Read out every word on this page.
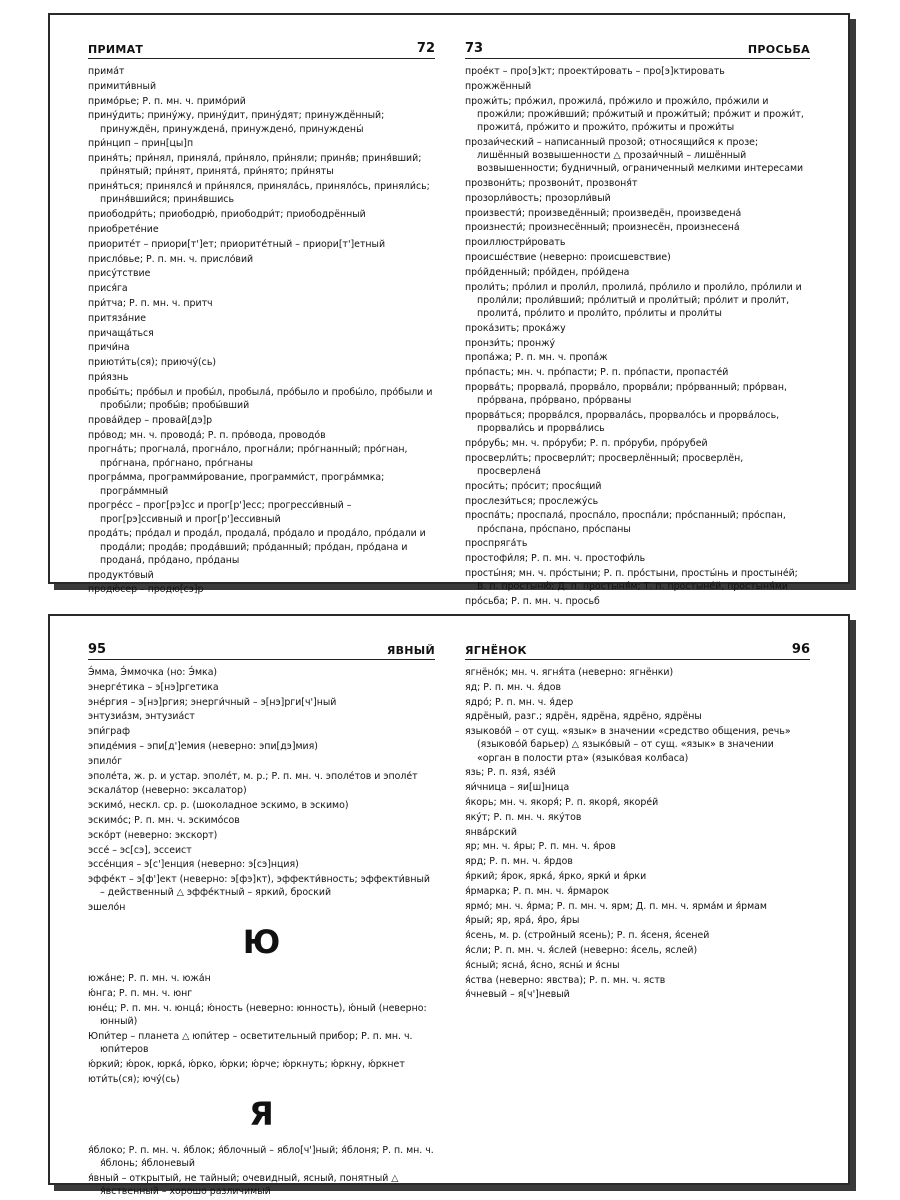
ПРИМАТ	72
прима́т
примити́вный
примо́рье; Р. п. мн. ч. примо́рий
прину́дить; прину́жу, прину́дит, прину́дят; принуждённый; принуждён, принуждена́, принуждено́, принуждены́
при́нцип – прин[цы]п
приня́ть; при́нял, приняла́, при́няло, при́няли; приня́в; приня́вший; при́нятый; при́нят, принята́, при́нято; при́няты
приня́ться; принялся́ и при́нялся, приняла́сь, приняло́сь, приняли́сь; приня́вшийся; приня́вшись
приободри́ть; приободрю́, приободри́т; приободрённый
приобрете́ние
приорите́т – приори[т']ет; приорите́тный – приори[т']етный
присло́вье; Р. п. мн. ч. присло́вий
прису́тствие
прися́га
при́тча; Р. п. мн. ч. притч
притяза́ние
причаща́ться
причи́на
приюти́ть(ся); приючу́(сь)
при́язнь
пробы́ть; про́был и пробы́л, пробыла́, про́было и пробы́ло, про́были и пробы́ли; пробы́в; пробы́вший
прова́йдер – провай[дэ]р
про́вод; мн. ч. провода́; Р. п. про́вода, проводо́в
прогна́ть; прогнала́, прогна́ло, прогна́ли; про́гнанный; про́гнан, про́гнана, про́гнано, про́гнаны
програ́мма, программи́рование, программи́ст, програ́ммка; програ́ммный
прогре́сс – прог[рэ]сс и прог[р']есс; прогресси́вный – прог[рэ]ссивный и прог[р']ессивный
прода́ть; про́дал и прода́л, продала́, про́дало и прода́ло, про́дали и прода́ли; прода́в; прода́вший; про́данный; про́дан, про́дана и продана́, про́дано, про́даны
продукто́вый
продю́сер – продю[сэ]р
73	ПРОСЬБА
прое́кт – про[э]кт; проекти́ровать – про[э]ктировать
прожжённый
прожи́ть; про́жил, прожила́, про́жило и прожи́ло, про́жили и прожи́ли; прожи́вший; про́житый и прожи́тый; про́жит и прожи́т, прожита́, про́жито и прожи́то, про́житы и прожи́ты
прозаи́ческий – написанный прозой; относящийся к прозе; лишённый возвышенности △ прозаи́чный – лишённый возвышенности; будничный, ограниченный мелкими интересами
прозвони́ть; прозвони́т, прозвоня́т
прозорли́вость; прозорли́вый
произвести́; произведённый; произведён, произведена́
произнести́; произнесённый; произнесён, произнесена́
проиллюстри́ровать
происше́ствие (неверно: происшевствие)
про́йденный; про́йден, про́йдена
проли́ть; про́лил и проли́л, пролила́, про́лило и проли́ло, про́лили и проли́ли; проли́вший; про́литый и проли́тый; про́лит и проли́т, пролита́, про́лито и проли́то, про́литы и проли́ты
прока́зить; прока́жу
пронзи́ть; пронжу́
пропа́жа; Р. п. мн. ч. пропа́ж
про́пасть; мн. ч. про́пасти; Р. п. про́пасти, пропасте́й
прорва́ть; прорвала́, прорва́ло, прорва́ли; про́рванный; про́рван, про́рвана, про́рвано, про́рваны
прорва́ться; прорва́лся, прорвала́сь, прорвало́сь и прорва́лось, прорвали́сь и прорва́лись
про́рубь; мн. ч. про́руби; Р. п. про́руби, про́рубей
просверли́ть; просверли́т; просверлённый; просверлён, просверлена́
проси́ть; про́сит; прося́щий
прослези́ться; прослежу́сь
проспа́ть; проспала́, проспа́ло, проспа́ли; про́спанный; про́спан, про́спана, про́спано, про́спаны
проспряга́ть
простофи́ля; Р. п. мн. ч. простофи́ль
просты́ня; мн. ч. про́стыни; Р. п. про́стыни, просты́нь и простыне́й; В. п. простыню́; Д. п. простыня́м; Т. п. простыне́й, простыня́ми
про́сьба; Р. п. мн. ч. просьб
95	ЯВНЫЙ
Э́мма, Э́ммочка (но: Э́мка)
энерге́тика – э[нэ]ргетика
эне́ргия – э[нэ]ргия; энерги́чный – э[нэ]рги[ч']ный
энтузиа́зм, энтузиа́ст
эпи́граф
эпиде́мия – эпи[д']емия (неверно: эпи[дэ]мия)
эпило́г
эполе́та, ж. р. и устар. эполе́т, м. р.; Р. п. мн. ч. эполе́тов и эполе́т
эскала́тор (неверно: эксалатор)
эскимо́, нескл. ср. р. (шоколадное эскимо, в эскимо)
эскимо́с; Р. п. мн. ч. эскимо́сов
эско́рт (неверно: экскорт)
эссе́ – эс[сэ], эссеист
эссе́нция – э[с']енция (неверно: э[сэ]нция)
эффе́кт – э[ф']ект (неверно: э[фэ]кт), эффекти́вность; эффекти́вный – действенный △ эффе́ктный – яркий, броский
эшело́н
Ю
южа́не; Р. п. мн. ч. южа́н
ю́нга; Р. п. мн. ч. юнг
юне́ц; Р. п. мн. ч. юнца́; ю́ность (неверно: юнность), ю́ный (неверно: юнный)
Юпи́тер – планета △ юпи́тер – осветительный прибор; Р. п. мн. ч. юпи́теров
ю́ркий; ю́рок, юрка́, ю́рко, ю́рки; ю́рче; ю́ркнуть; ю́ркну, ю́ркнет
юти́ть(ся); ючу́(сь)
Я
я́блоко; Р. п. мн. ч. я́блок; я́блочный – ябло[ч']ный; я́блоня; Р. п. мн. ч. я́блонь; я́блоневый
я́вный – открытый, не тайный; очевидный, ясный, понятный △ я́вственный – хорошо различимый
ЯГНЁНОК	96
ягнёно́к; мн. ч. ягня́та (неверно: ягнёнки)
яд; Р. п. мн. ч. я́дов
ядро́; Р. п. мн. ч. я́дер
ядрёный, разг.; ядрён, ядрёна, ядрёно, ядрёны
языково́й – от сущ. «язык» в значении «средство общения, речь» (языково́й барьер) △ языко́вый – от сущ. «язык» в значении «орган в полости рта» (языко́вая колбаса)
язь; Р. п. язя́, язе́й
яи́чница – яи[ш]ница
я́корь; мн. ч. якоря́; Р. п. якоря́, якоре́й
яку́т; Р. п. мн. ч. яку́тов
янва́рский
яр; мн. ч. я́ры; Р. п. мн. ч. я́ров
ярд; Р. п. мн. ч. я́рдов
я́ркий; я́рок, ярка́, я́рко, ярки́ и я́рки
я́рмарка; Р. п. мн. ч. я́рмарок
ярмо́; мн. ч. я́рма; Р. п. мн. ч. ярм; Д. п. мн. ч. ярма́м и я́рмам
я́рый; яр, яра́, я́ро, я́ры
я́сень, м. р. (стройный ясень); Р. п. я́сеня, я́сеней
я́сли; Р. п. мн. ч. я́слей (неверно: я́сель, яслей)
я́сный; ясна́, я́сно, ясны́ и я́сны
я́ства (неверно: явства); Р. п. мн. ч. яств
я́чневый – я[ч']невый
